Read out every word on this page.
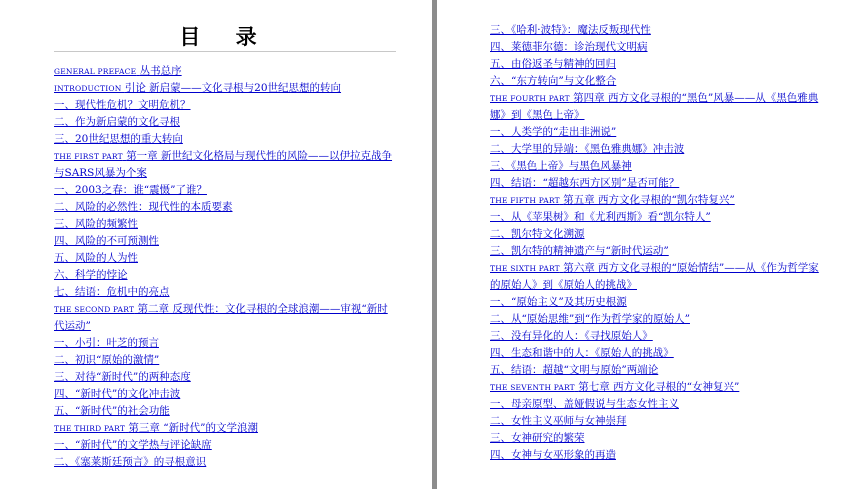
目 录
GENERAL PREFACE 丛书总序
INTRODUCTION 引论 新启蒙——文化寻根与20世纪思想的转向
一、现代性危机？文明危机？
二、作为新启蒙的文化寻根
三、20世纪思想的重大转向
THE FIRST PART 第一章 新世纪文化格局与现代性的风险——以伊拉克战争与SARS风暴为个案
一、2003之春：谁“震慑”了谁？
二、风险的必然性：现代性的本质要素
三、风险的频繁性
四、风险的不可预测性
五、风险的人为性
六、科学的悖论
七、结语：危机中的亮点
THE SECOND PART 第二章 反现代性：文化寻根的全球浪潮——审视“新时代运动”
一、小引：叶芝的预言
二、初识“原始的激情”
三、对待“新时代”的两种态度
四、“新时代”的文化冲击波
五、“新时代”的社会功能
THE THIRD PART 第三章 “新时代”的文学浪潮
一、“新时代”的文学热与评论缺席
二、《塞莱斯廷预言》的寻根意识
三、《哈利·波特》：魔法反叛现代性
四、莱德菲尔德：诊治现代文明病
五、由俗返圣与精神的回归
六、“东方转向”与文化整合
THE FOURTH PART 第四章 西方文化寻根的“黑色”风暴——从《黑色雅典娜》到《黑色上帝》
一、人类学的“走出非洲说”
二、大学里的异端：《黑色雅典娜》冲击波
三、《黑色上帝》与黑色风暴神
四、结语：“超越东西方区别”是否可能？
THE FIFTH PART 第五章 西方文化寻根的“凯尔特复兴”
一、从《苹果树》和《尤利西斯》看“凯尔特人”
二、凯尔特文化溯源
三、凯尔特的精神遗产与“新时代运动”
THE SIXTH PART 第六章 西方文化寻根的“原始情结”——从《作为哲学家的原始人》到《原始人的挑战》
一、“原始主义”及其历史根源
二、从“原始思维”到“作为哲学家的原始人”
三、没有异化的人：《寻找原始人》
四、生态和谐中的人：《原始人的挑战》
五、结语：超越“文明与原始”两端论
THE SEVENTH PART 第七章 西方文化寻根的“女神复兴”
一、母亲原型、盖娅假说与生态女性主义
二、女性主义巫师与女神崇拜
三、女神研究的繁荣
四、女神与女巫形象的再造
